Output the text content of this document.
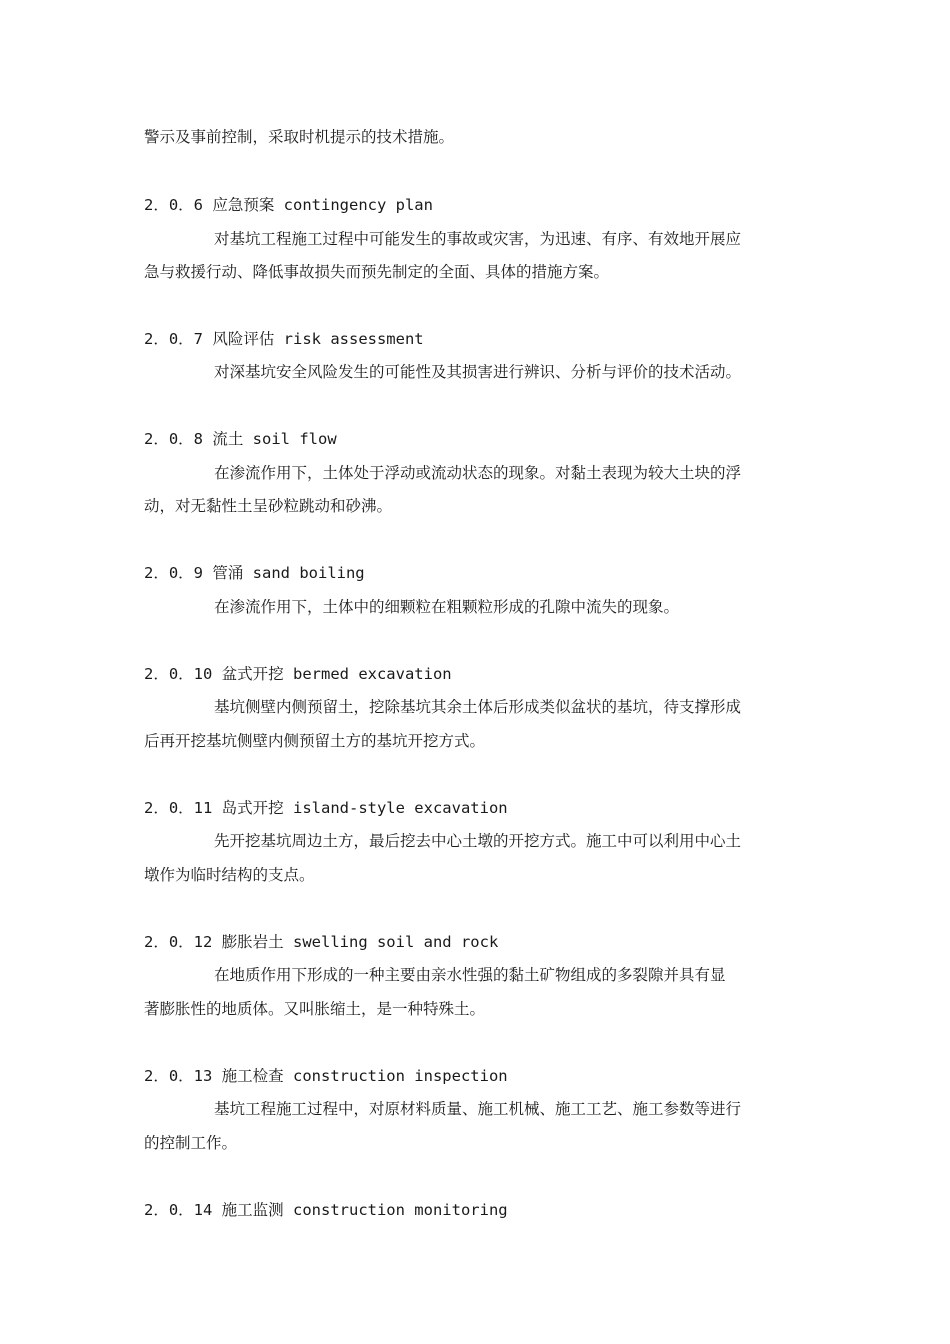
警示及事前控制，采取时机提示的技术措施。
2．0．6 应急预案 contingency plan
对基坑工程施工过程中可能发生的事故或灾害，为迅速、有序、有效地开展应
急与救援行动、降低事故损失而预先制定的全面、具体的措施方案。
2．0．7 风险评估 risk assessment
对深基坑安全风险发生的可能性及其损害进行辨识、分析与评价的技术活动。
2．0．8 流土 soil flow
在渗流作用下，土体处于浮动或流动状态的现象。对黏土表现为较大土块的浮
动，对无黏性土呈砂粒跳动和砂沸。
2．0．9 管涌 sand boiling
在渗流作用下，土体中的细颗粒在粗颗粒形成的孔隙中流失的现象。
2．0．10 盆式开挖 bermed excavation
基坑侧壁内侧预留土，挖除基坑其余土体后形成类似盆状的基坑，待支撑形成
后再开挖基坑侧壁内侧预留土方的基坑开挖方式。
2．0．11 岛式开挖 island-style excavation
先开挖基坑周边土方，最后挖去中心土墩的开挖方式。施工中可以利用中心土
墩作为临时结构的支点。
2．0．12 膨胀岩土 swelling soil and rock
在地质作用下形成的一种主要由亲水性强的黏土矿物组成的多裂隙并具有显
著膨胀性的地质体。又叫胀缩土，是一种特殊土。
2．0．13 施工检查 construction inspection
基坑工程施工过程中，对原材料质量、施工机械、施工工艺、施工参数等进行
的控制工作。
2．0．14 施工监测 construction monitoring
